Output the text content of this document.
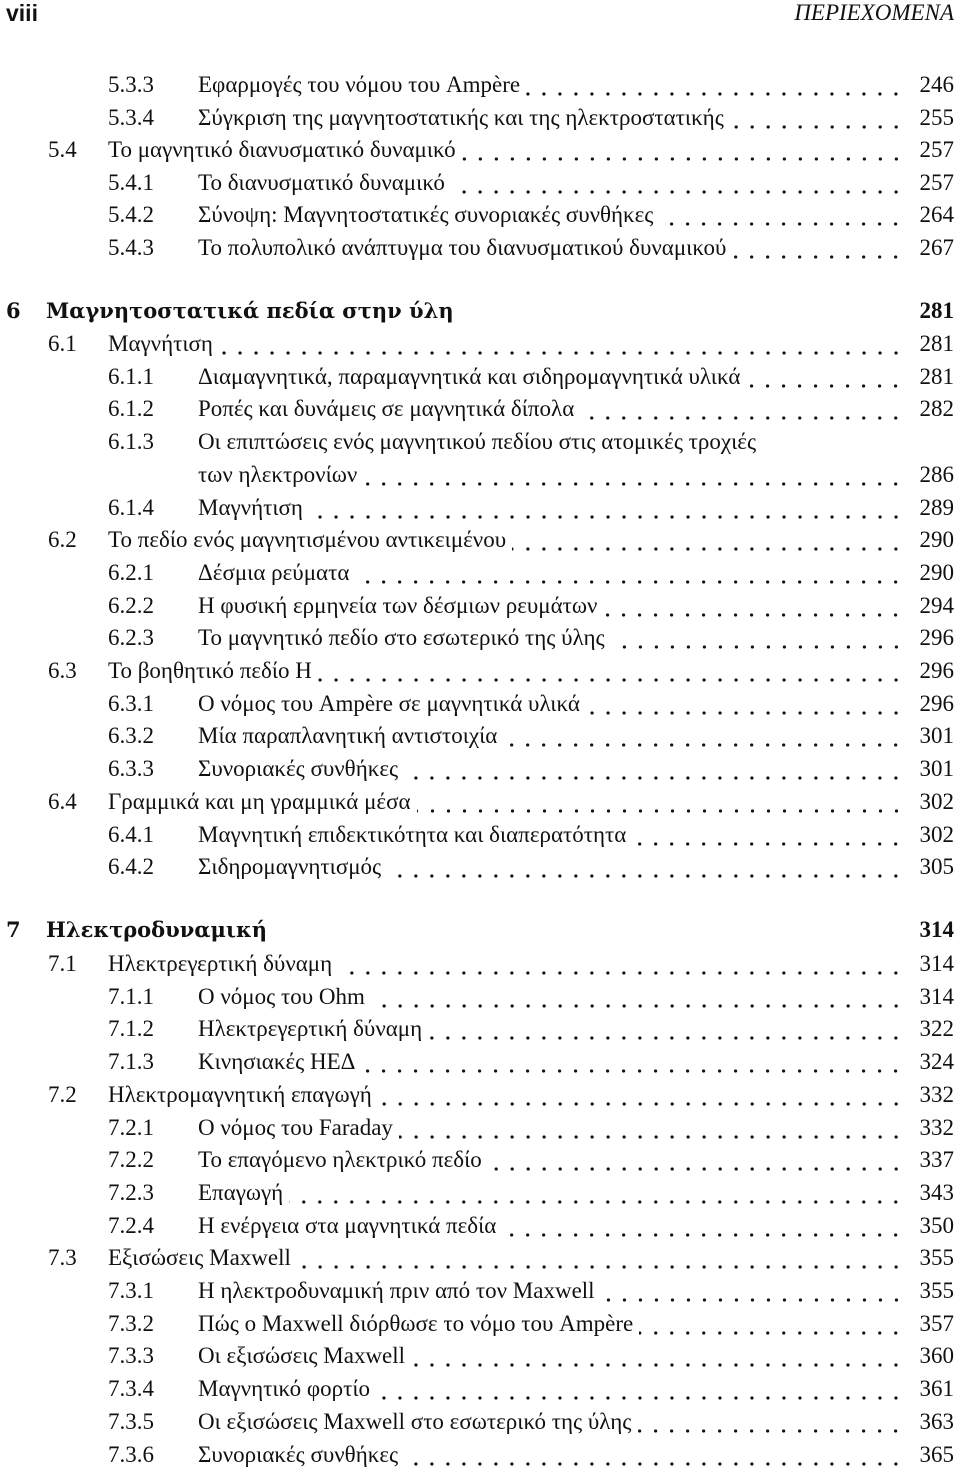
viii	ΠΕΡΙΕΧΟΜΕΝΑ
5.3.3 Εφαρμογές του νόμου του Ampère	246
5.3.4 Σύγκριση της μαγνητοστατικής και της ηλεκτροστατικής	255
5.4 Το μαγνητικό διανυσματικό δυναμικό	257
5.4.1 Το διανυσματικό δυναμικό	257
5.4.2 Σύνοψη: Μαγνητοστατικές συνοριακές συνθήκες	264
5.4.3 Το πολυπολικό ανάπτυγμα του διανυσματικού δυναμικού	267
6 Μαγνητοστατικά πεδία στην ύλη	281
6.1 Μαγνήτιση	281
6.1.1 Διαμαγνητικά, παραμαγνητικά και σιδηρομαγνητικά υλικά	281
6.1.2 Ροπές και δυνάμεις σε μαγνητικά δίπολα	282
6.1.3 Οι επιπτώσεις ενός μαγνητικού πεδίου στις ατομικές τροχιές
των ηλεκτρονίων	286
6.1.4 Μαγνήτιση	289
6.2 Το πεδίο ενός μαγνητισμένου αντικειμένου	290
6.2.1 Δέσμια ρεύματα	290
6.2.2 Η φυσική ερμηνεία των δέσμιων ρευμάτων	294
6.2.3 Το μαγνητικό πεδίο στο εσωτερικό της ύλης	296
6.3 Το βοηθητικό πεδίο H	296
6.3.1 Ο νόμος του Ampère σε μαγνητικά υλικά	296
6.3.2 Μία παραπλανητική αντιστοιχία	301
6.3.3 Συνοριακές συνθήκες	301
6.4 Γραμμικά και μη γραμμικά μέσα	302
6.4.1 Μαγνητική επιδεκτικότητα και διαπερατότητα	302
6.4.2 Σιδηρομαγνητισμός	305
7 Ηλεκτροδυναμική	314
7.1 Ηλεκτρεγερτική δύναμη	314
7.1.1 Ο νόμος του Ohm	314
7.1.2 Ηλεκτρεγερτική δύναμη	322
7.1.3 Κινησιακές ΗΕΔ	324
7.2 Ηλεκτρομαγνητική επαγωγή	332
7.2.1 Ο νόμος του Faraday	332
7.2.2 Το επαγόμενο ηλεκτρικό πεδίο	337
7.2.3 Επαγωγή	343
7.2.4 Η ενέργεια στα μαγνητικά πεδία	350
7.3 Εξισώσεις Maxwell	355
7.3.1 Η ηλεκτροδυναμική πριν από τον Maxwell	355
7.3.2 Πώς ο Maxwell διόρθωσε το νόμο του Ampère	357
7.3.3 Οι εξισώσεις Maxwell	360
7.3.4 Μαγνητικό φορτίο	361
7.3.5 Οι εξισώσεις Maxwell στο εσωτερικό της ύλης	363
7.3.6 Συνοριακές συνθήκες	365
